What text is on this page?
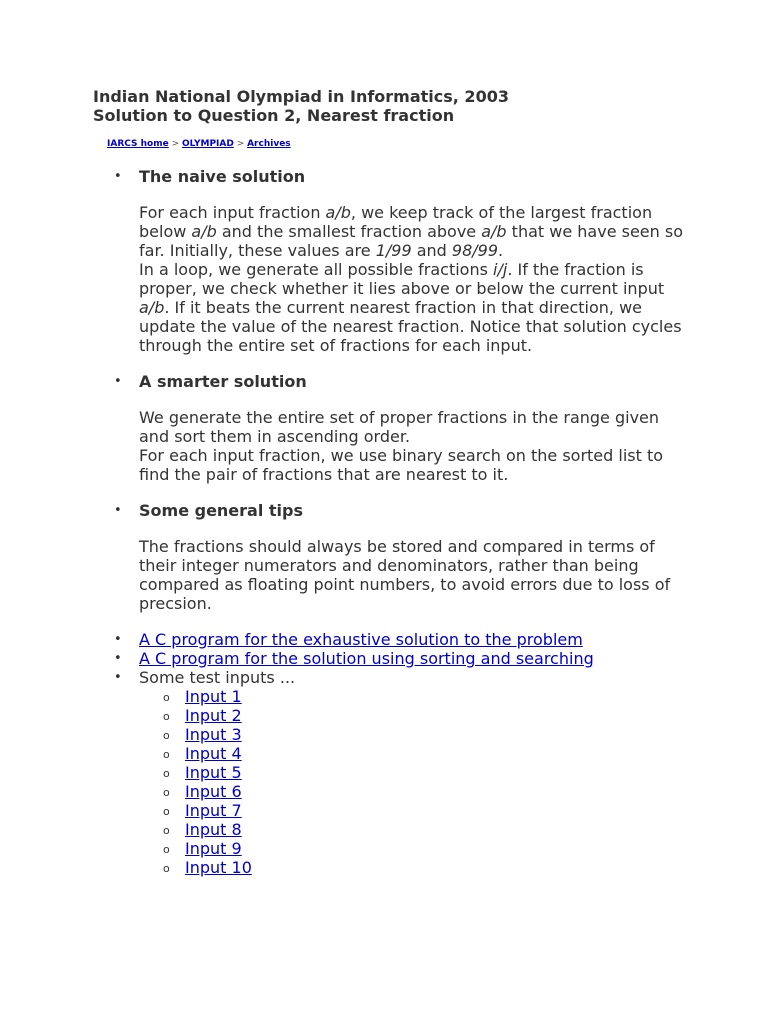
Indian National Olympiad in Informatics, 2003
Solution to Question 2, Nearest fraction
IARCS home > OLYMPIAD > Archives
• The naive solution

For each input fraction a/b, we keep track of the largest fraction below a/b and the smallest fraction above a/b that we have seen so far. Initially, these values are 1/99 and 98/99.

In a loop, we generate all possible fractions i/j. If the fraction is proper, we check whether it lies above or below the current input a/b. If it beats the current nearest fraction in that direction, we update the value of the nearest fraction. Notice that solution cycles through the entire set of fractions for each input.

• A smarter solution

We generate the entire set of proper fractions in the range given and sort them in ascending order.

For each input fraction, we use binary search on the sorted list to find the pair of fractions that are nearest to it.

• Some general tips

The fractions should always be stored and compared in terms of their integer numerators and denominators, rather than being compared as floating point numbers, to avoid errors due to loss of precsion.

• A C program for the exhaustive solution to the problem
• A C program for the solution using sorting and searching
• Some test inputs ...
o Input 1
o Input 2
o Input 3
o Input 4
o Input 5
o Input 6
o Input 7
o Input 8
o Input 9
o Input 10
